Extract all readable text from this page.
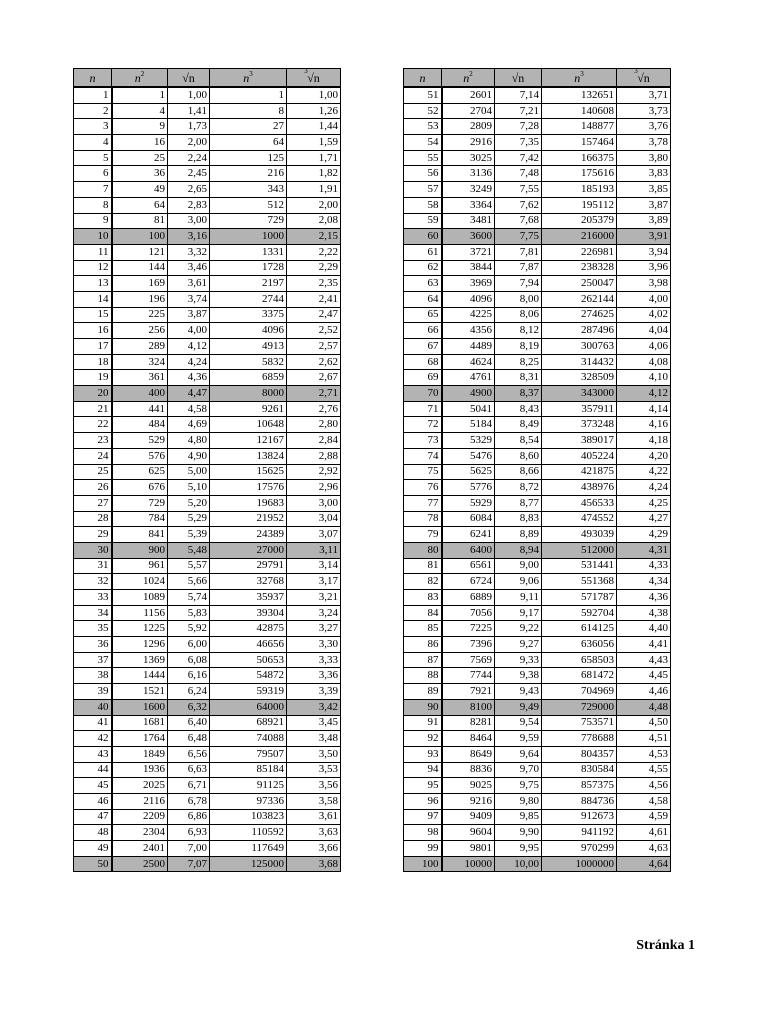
n	$n^2$	√n	$n^3$	3 √n
1	1	1,00	1	1,00
2	4	1,41	8	1,26
3	9	1,73	27	1,44
4	16	2,00	64	1,59
5	25	2,24	125	1,71
6	36	2,45	216	1,82
7	49	2,65	343	1,91
8	64	2,83	512	2,00
9	81	3,00	729	2,08
10	100	3,16	1000	2,15
11	121	3,32	1331	2,22
12	144	3,46	1728	2,29
13	169	3,61	2197	2,35
14	196	3,74	2744	2,41
15	225	3,87	3375	2,47
16	256	4,00	4096	2,52
17	289	4,12	4913	2,57
18	324	4,24	5832	2,62
19	361	4,36	6859	2,67
20	400	4,47	8000	2,71
21	441	4,58	9261	2,76
22	484	4,69	10648	2,80
23	529	4,80	12167	2,84
24	576	4,90	13824	2,88
25	625	5,00	15625	2,92
26	676	5,10	17576	2,96
27	729	5,20	19683	3,00
28	784	5,29	21952	3,04
29	841	5,39	24389	3,07
30	900	5,48	27000	3,11
31	961	5,57	29791	3,14
32	1024	5,66	32768	3,17
33	1089	5,74	35937	3,21
34	1156	5,83	39304	3,24
35	1225	5,92	42875	3,27
36	1296	6,00	46656	3,30
37	1369	6,08	50653	3,33
38	1444	6,16	54872	3,36
39	1521	6,24	59319	3,39
40	1600	6,32	64000	3,42
41	1681	6,40	68921	3,45
42	1764	6,48	74088	3,48
43	1849	6,56	79507	3,50
44	1936	6,63	85184	3,53
45	2025	6,71	91125	3,56
46	2116	6,78	97336	3,58
47	2209	6,86	103823	3,61
48	2304	6,93	110592	3,63
49	2401	7,00	117649	3,66
50	2500	7,07	125000	3,68
n	$n^2$	√n	$n^3$	3 √n
51	2601	7,14	132651	3,71
52	2704	7,21	140608	3,73
53	2809	7,28	148877	3,76
54	2916	7,35	157464	3,78
55	3025	7,42	166375	3,80
56	3136	7,48	175616	3,83
57	3249	7,55	185193	3,85
58	3364	7,62	195112	3,87
59	3481	7,68	205379	3,89
60	3600	7,75	216000	3,91
61	3721	7,81	226981	3,94
62	3844	7,87	238328	3,96
63	3969	7,94	250047	3,98
64	4096	8,00	262144	4,00
65	4225	8,06	274625	4,02
66	4356	8,12	287496	4,04
67	4489	8,19	300763	4,06
68	4624	8,25	314432	4,08
69	4761	8,31	328509	4,10
70	4900	8,37	343000	4,12
71	5041	8,43	357911	4,14
72	5184	8,49	373248	4,16
73	5329	8,54	389017	4,18
74	5476	8,60	405224	4,20
75	5625	8,66	421875	4,22
76	5776	8,72	438976	4,24
77	5929	8,77	456533	4,25
78	6084	8,83	474552	4,27
79	6241	8,89	493039	4,29
80	6400	8,94	512000	4,31
81	6561	9,00	531441	4,33
82	6724	9,06	551368	4,34
83	6889	9,11	571787	4,36
84	7056	9,17	592704	4,38
85	7225	9,22	614125	4,40
86	7396	9,27	636056	4,41
87	7569	9,33	658503	4,43
88	7744	9,38	681472	4,45
89	7921	9,43	704969	4,46
90	8100	9,49	729000	4,48
91	8281	9,54	753571	4,50
92	8464	9,59	778688	4,51
93	8649	9,64	804357	4,53
94	8836	9,70	830584	4,55
95	9025	9,75	857375	4,56
96	9216	9,80	884736	4,58
97	9409	9,85	912673	4,59
98	9604	9,90	941192	4,61
99	9801	9,95	970299	4,63
100	10000	10,00	1000000	4,64
Stránka 1
